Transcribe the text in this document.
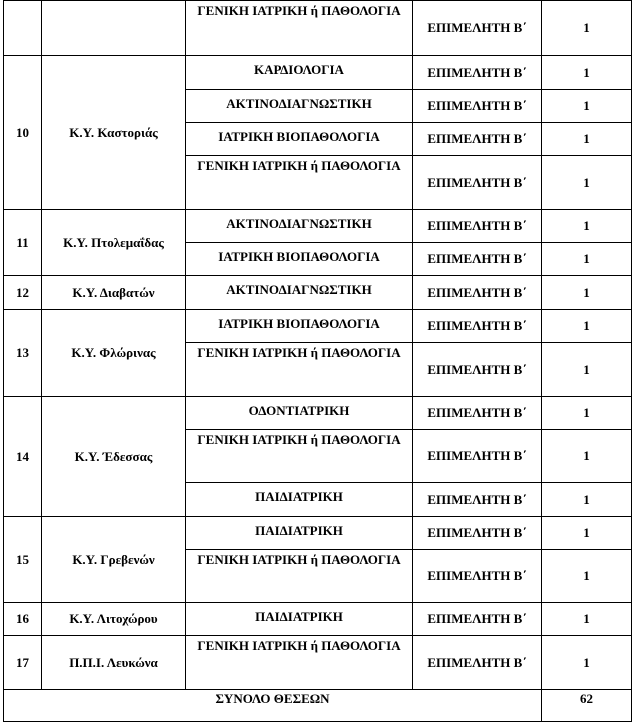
		ΓΕΝΙΚΗ ΙΑΤΡΙΚΗ ή ΠΑΘΟΛΟΓΙΑ	ΕΠΙΜΕΛΗΤΗ Β΄	1
10	Κ.Υ. Καστοριάς	ΚΑΡΔΙΟΛΟΓΙΑ	ΕΠΙΜΕΛΗΤΗ Β΄	1
		ΑΚΤΙΝΟΔΙΑΓΝΩΣΤΙΚΗ	ΕΠΙΜΕΛΗΤΗ Β΄	1
		ΙΑΤΡΙΚΗ ΒΙΟΠΑΘΟΛΟΓΙΑ	ΕΠΙΜΕΛΗΤΗ Β΄	1
		ΓΕΝΙΚΗ ΙΑΤΡΙΚΗ ή ΠΑΘΟΛΟΓΙΑ	ΕΠΙΜΕΛΗΤΗ Β΄	1
11	Κ.Υ. Πτολεμαΐδας	ΑΚΤΙΝΟΔΙΑΓΝΩΣΤΙΚΗ	ΕΠΙΜΕΛΗΤΗ Β΄	1
		ΙΑΤΡΙΚΗ ΒΙΟΠΑΘΟΛΟΓΙΑ	ΕΠΙΜΕΛΗΤΗ Β΄	1
12	Κ.Υ. Διαβατών	ΑΚΤΙΝΟΔΙΑΓΝΩΣΤΙΚΗ	ΕΠΙΜΕΛΗΤΗ Β΄	1
13	Κ.Υ. Φλώρινας	ΙΑΤΡΙΚΗ ΒΙΟΠΑΘΟΛΟΓΙΑ	ΕΠΙΜΕΛΗΤΗ Β΄	1
		ΓΕΝΙΚΗ ΙΑΤΡΙΚΗ ή ΠΑΘΟΛΟΓΙΑ	ΕΠΙΜΕΛΗΤΗ Β΄	1
14	Κ.Υ. Έδεσσας	ΟΔΟΝΤΙΑΤΡΙΚΗ	ΕΠΙΜΕΛΗΤΗ Β΄	1
		ΓΕΝΙΚΗ ΙΑΤΡΙΚΗ ή ΠΑΘΟΛΟΓΙΑ	ΕΠΙΜΕΛΗΤΗ Β΄	1
		ΠΑΙΔΙΑΤΡΙΚΗ	ΕΠΙΜΕΛΗΤΗ Β΄	1
15	Κ.Υ. Γρεβενών	ΠΑΙΔΙΑΤΡΙΚΗ	ΕΠΙΜΕΛΗΤΗ Β΄	1
		ΓΕΝΙΚΗ ΙΑΤΡΙΚΗ ή ΠΑΘΟΛΟΓΙΑ	ΕΠΙΜΕΛΗΤΗ Β΄	1
16	Κ.Υ. Λιτοχώρου	ΠΑΙΔΙΑΤΡΙΚΗ	ΕΠΙΜΕΛΗΤΗ Β΄	1
17	Π.Π.Ι. Λευκώνα	ΓΕΝΙΚΗ ΙΑΤΡΙΚΗ ή ΠΑΘΟΛΟΓΙΑ	ΕΠΙΜΕΛΗΤΗ Β΄	1
ΣΥΝΟΛΟ ΘΕΣΕΩΝ				62
